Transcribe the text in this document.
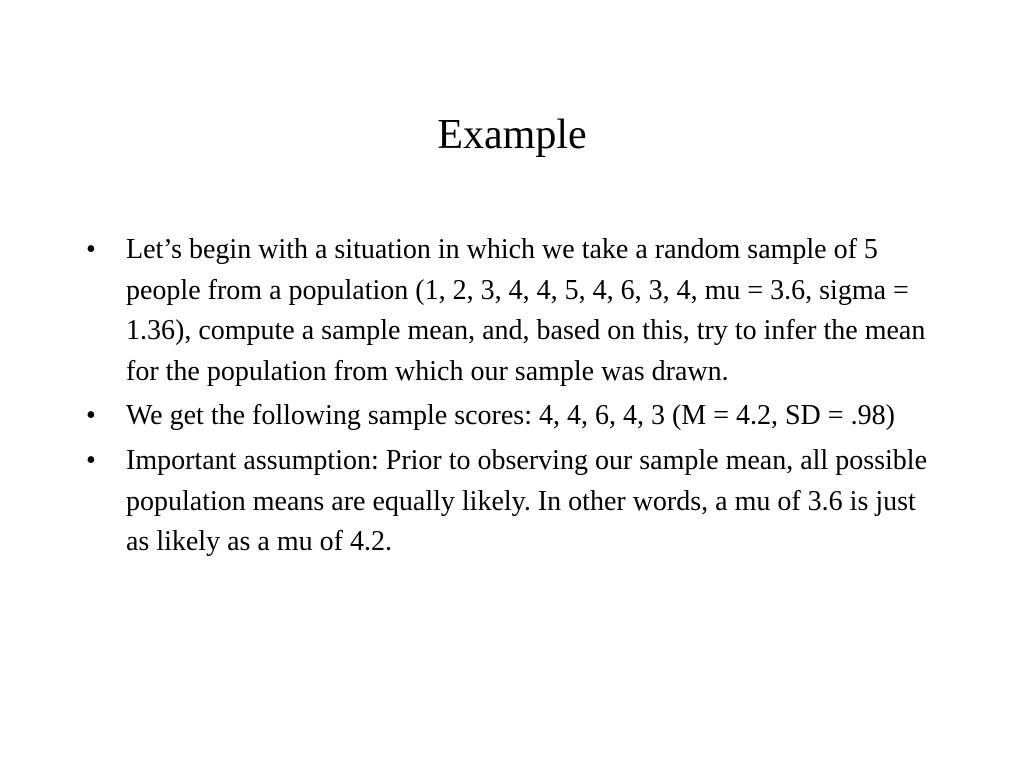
Example
•	Let’s begin with a situation in which we take a random sample of 5 people from a population (1, 2, 3, 4, 4, 5, 4, 6, 3, 4, mu = 3.6, sigma = 1.36), compute a sample mean, and, based on this, try to infer the mean for the population from which our sample was drawn.
•	We get the following sample scores: 4, 4, 6, 4, 3 (M = 4.2, SD = .98)
•	Important assumption: Prior to observing our sample mean, all possible population means are equally likely. In other words, a mu of 3.6 is just as likely as a mu of 4.2.
